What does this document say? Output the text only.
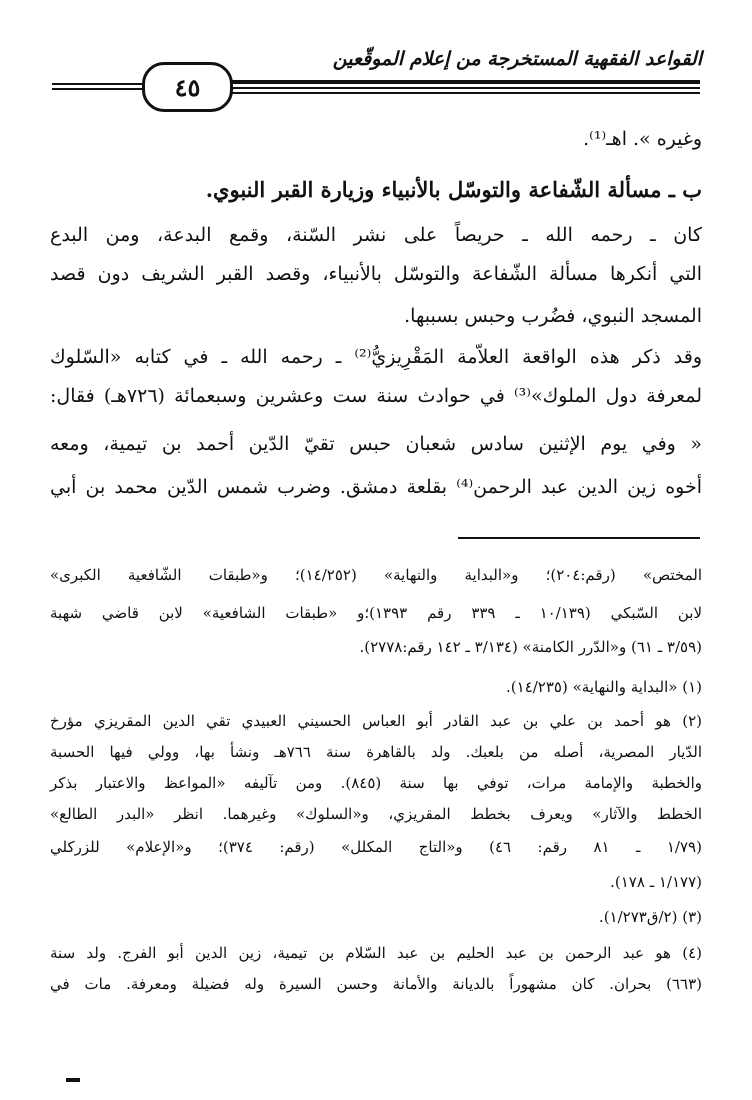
القواعد الفقهية المستخرجة من إعلام الموقّعين
٤٥
وغيره ». اهـ⁽¹⁾.
ب ـ مسألة الشّفاعة والتوسّل بالأنبياء وزيارة القبر النبوي.
كان ـ رحمه الله ـ حريصاً على نشر السّنة، وقمع البدعة، ومن البدع
التي أنكرها مسألة الشّفاعة والتوسّل بالأنبياء، وقصد القبر الشريف دون قصد
المسجد النبوي، فضُرب وحبس بسببها.
وقد ذكر هذه الواقعة العلاّمة المَقْرِيزيُّ⁽²⁾ ـ رحمه الله ـ في كتابه «السّلوك
لمعرفة دول الملوك»⁽³⁾ في حوادث سنة ست وعشرين وسبعمائة (٧٢٦هـ) فقال:
« وفي يوم الإثنين سادس شعبان حبس تقيّ الدّين أحمد بن تيمية، ومعه
أخوه زين الدين عبد الرحمن⁽⁴⁾ بقلعة دمشق. وضرب شمس الدّين محمد بن أبي
المختص» (رقم:٢٠٤)؛ و«البداية والنهاية» (١٤/٢٥٢)؛ و«طبقات الشّافعية الكبرى»
لابن السّبكي (١٠/١٣٩ ـ ٣٣٩ رقم ١٣٩٣)؛و «طبقات الشافعية» لابن قاضي شهبة
(٣/٥٩ ـ ٦١) و«الدّرر الكامنة» (٣/١٣٤ ـ ١٤٢ رقم:٢٧٧٨).
(١) «البداية والنهاية» (١٤/٢٣٥).
(٢) هو أحمد بن علي بن عبد القادر أبو العباس الحسيني العبيدي تقي الدين المقريزي مؤرخ
الدّيار المصرية، أصله من بلعبك. ولد بالقاهرة سنة ٧٦٦هـ ونشأ بها، وولي فيها الحسبة
والخطبة والإمامة مرات، توفي بها سنة (٨٤٥). ومن تآليفه «المواعظ والاعتبار بذكر
الخطط والآثار» ويعرف بخطط المقريزي، و«السلوك» وغيرهما. انظر «البدر الطالع»
(١/٧٩ ـ ٨١ رقم: ٤٦) و«التاج المكلل» (رقم: ٣٧٤)؛ و«الإعلام» للزركلي
(١/١٧٧ ـ ١٧٨).
(٣) (٢/ق١/٢٧٣).
(٤) هو عبد الرحمن بن عبد الحليم بن عبد السّلام بن تيمية، زين الدين أبو الفرج. ولد سنة
(٦٦٣) بحران. كان مشهوراً بالديانة والأمانة وحسن السيرة وله فضيلة ومعرفة. مات في
